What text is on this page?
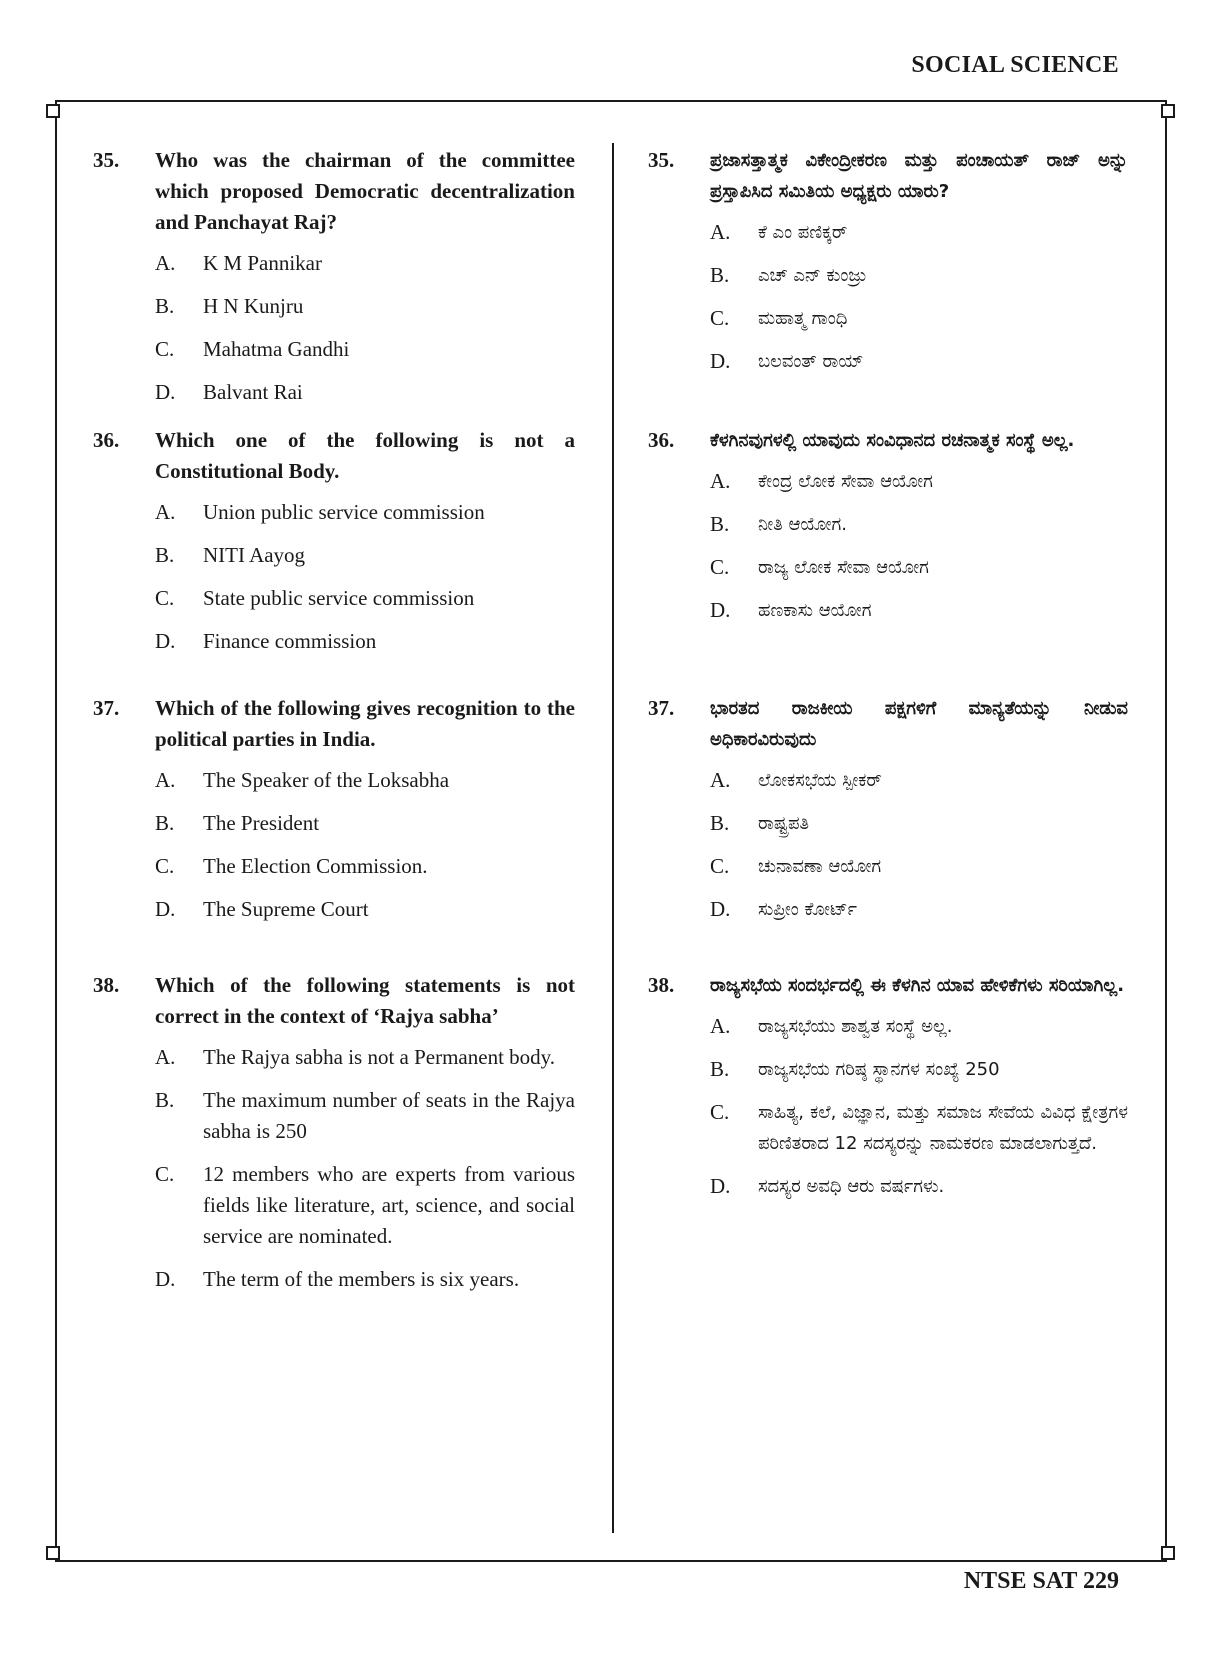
SOCIAL SCIENCE
35.	Who was the chairman of the committee which proposed Democratic decentralization and Panchayat Raj?
A.	K M Pannikar
B.	H N Kunjru
C.	Mahatma Gandhi
D.	Balvant Rai
36.	Which one of the following is not a Constitutional Body.
A.	Union public service commission
B.	NITI Aayog
C.	State public service commission
D.	Finance commission
37.	Which of the following gives recognition to the political parties in India.
A.	The Speaker of the Loksabha
B.	The President
C.	The Election Commission.
D.	The Supreme Court
38.	Which of the following statements is not correct in the context of ‘Rajya sabha’
A.	The Rajya sabha is not a Permanent body.
B.	The maximum number of seats in the Rajya sabha is 250
C.	12 members who are experts from various fields like literature, art, science, and social service are nominated.
D.	The term of the members is six years.
35.	ಪ್ರಜಾಸತ್ತಾತ್ಮಕ ವಿಕೇಂದ್ರೀಕರಣ ಮತ್ತು ಪಂಚಾಯತ್ ರಾಜ್ ಅನ್ನು ಪ್ರಸ್ತಾಪಿಸಿದ ಸಮಿತಿಯ ಅಧ್ಯಕ್ಷರು ಯಾರು?
A.	ಕೆ ಎಂ ಪಣಿಕ್ಕರ್
B.	ಎಚ್ ಎನ್ ಕುಂಜ್ರು
C.	ಮಹಾತ್ಮ ಗಾಂಧಿ
D.	ಬಲವಂತ್ ರಾಯ್
36.	ಕೆಳಗಿನವುಗಳಲ್ಲಿ ಯಾವುದು ಸಂವಿಧಾನದ ರಚನಾತ್ಮಕ ಸಂಸ್ಥೆ ಅಲ್ಲ.
A.	ಕೇಂದ್ರ ಲೋಕ ಸೇವಾ ಆಯೋಗ
B.	ನೀತಿ ಆಯೋಗ.
C.	ರಾಜ್ಯ ಲೋಕ ಸೇವಾ ಆಯೋಗ
D.	ಹಣಕಾಸು ಆಯೋಗ
37.	ಭಾರತದ ರಾಜಕೀಯ ಪಕ್ಷಗಳಿಗೆ ಮಾನ್ಯತೆಯನ್ನು ನೀಡುವ ಅಧಿಕಾರವಿರುವುದು
A.	ಲೋಕಸಭೆಯ ಸ್ಪೀಕರ್
B.	ರಾಷ್ಟ್ರಪತಿ
C.	ಚುನಾವಣಾ ಆಯೋಗ
D.	ಸುಪ್ರೀಂ ಕೋರ್ಟ್
38.	ರಾಜ್ಯಸಭೆಯ ಸಂದರ್ಭದಲ್ಲಿ ಈ ಕೆಳಗಿನ ಯಾವ ಹೇಳಿಕೆಗಳು ಸರಿಯಾಗಿಲ್ಲ.
A.	ರಾಜ್ಯಸಭೆಯು ಶಾಶ್ವತ ಸಂಸ್ಥೆ ಅಲ್ಲ.
B.	ರಾಜ್ಯಸಭೆಯ ಗರಿಷ್ಠ ಸ್ಥಾನಗಳ ಸಂಖ್ಯೆ 250
C.	ಸಾಹಿತ್ಯ, ಕಲೆ, ವಿಜ್ಞಾನ, ಮತ್ತು ಸಮಾಜ ಸೇವೆಯ ವಿವಿಧ ಕ್ಷೇತ್ರಗಳ ಪರಿಣಿತರಾದ 12 ಸದಸ್ಯರನ್ನು ನಾಮಕರಣ ಮಾಡಲಾಗುತ್ತದೆ.
D.	ಸದಸ್ಯರ ಅವಧಿ ಆರು ವರ್ಷಗಳು.
NTSE SAT 229
